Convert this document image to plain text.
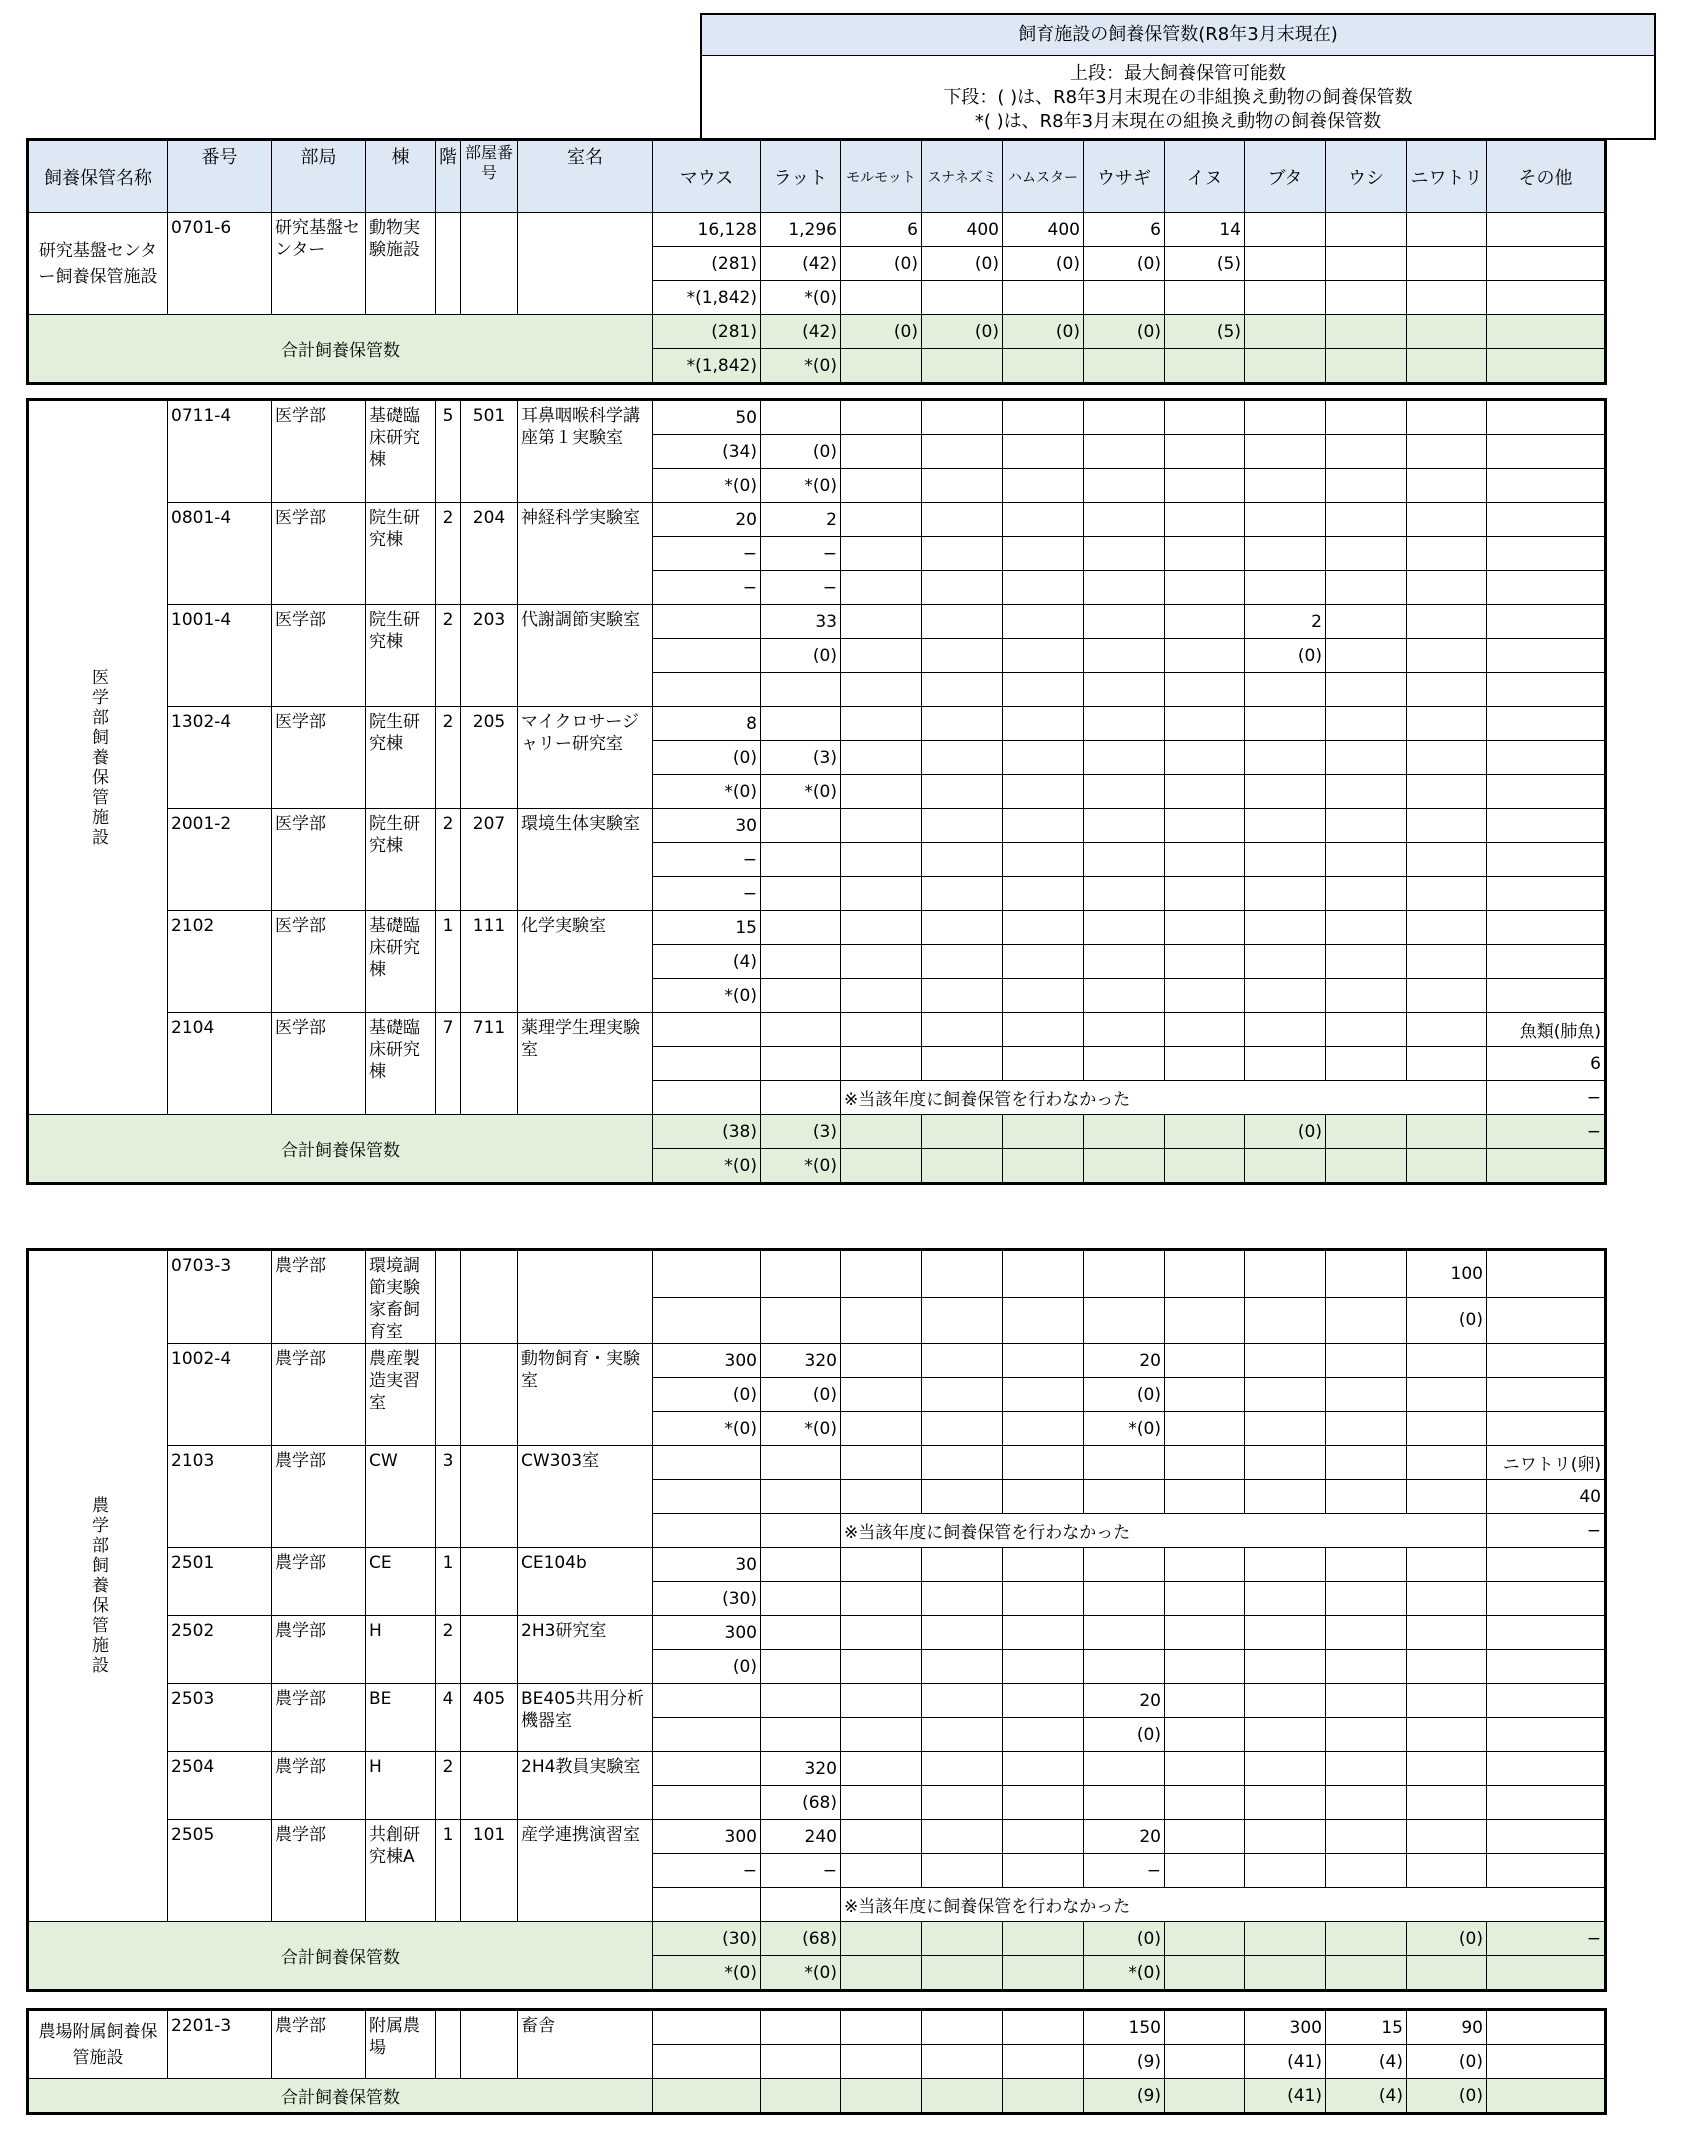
飼育施設の飼養保管数(R8年3月末現在)
上段：最大飼養保管可能数
下段：( )は、R8年3月末現在の非組換え動物の飼養保管数
*( )は、R8年3月末現在の組換え動物の飼養保管数
飼養保管名称	番号	部局	棟	階	部屋番号	室名	マウス	ラット	モルモット	スナネズミ	ハムスター	ウサギ	イヌ	ブタ	ウシ	ニワトリ	その他
研究基盤センター飼養保管施設	0701-6	研究基盤センター	動物実験施設				16,128	1,296	6	400	400	6	14				
							(281)	(42)	(0)	(0)	(0)	(0)	(5)				
							*(1,842)	*(0)									
合計飼養保管数							(281)	(42)	(0)	(0)	(0)	(0)	(5)				
							*(1,842)	*(0)									
医学部飼養保管施設	0711-4	医学部	基礎臨床研究棟	5	501	耳鼻咽喉科学講座第１実験室	50										
							(34)	(0)									
							*(0)	*(0)									
	0801-4	医学部	院生研究棟	2	204	神経科学実験室	20	2									
							−	−									
							−	−									
	1001-4	医学部	院生研究棟	2	203	代謝調節実験室		33						2			
								(0)						(0)			

	1302-4	医学部	院生研究棟	2	205	マイクロサージャリー研究室	8										
							(0)	(3)									
							*(0)	*(0)									
	2001-2	医学部	院生研究棟	2	207	環境生体実験室	30										
							−										
							−										
	2102	医学部	基礎臨床研究棟	1	111	化学実験室	15										
							(4)										
							*(0)										
	2104	医学部	基礎臨床研究棟	7	711	薬理学生理実験室											魚類(肺魚)
																	6
									※当該年度に飼養保管を行わなかった								−
合計飼養保管数							(38)	(3)						(0)			−
							*(0)	*(0)									
農学部飼養保管施設	0703-3	農学部	環境調節実験家畜飼育室													100	
																(0)	
	1002-4	農学部	農産製造実習室			動物飼育・実験室	300	320				20					
							(0)	(0)				(0)					
							*(0)	*(0)				*(0)					
	2103	農学部	CW	3		CW303室											ニワトリ(卵)
																	40
									※当該年度に飼養保管を行わなかった								−
	2501	農学部	CE	1		CE104b	30										
							(30)										
	2502	農学部	H	2		2H3研究室	300										
							(0)										
	2503	農学部	BE	4	405	BE405共用分析機器室						20					
												(0)					
	2504	農学部	H	2		2H4教員実験室		320									
								(68)									
	2505	農学部	共創研究棟A	1	101	産学連携演習室	300	240				20					
							−	−				−					
									※当該年度に飼養保管を行わなかった								
合計飼養保管数							(30)	(68)				(0)				(0)	−
							*(0)	*(0)				*(0)					
農場附属飼養保管施設	2201-3	農学部	附属農場			畜舎						150		300	15	90	
												(9)		(41)	(4)	(0)	
合計飼養保管数												(9)		(41)	(4)	(0)	
